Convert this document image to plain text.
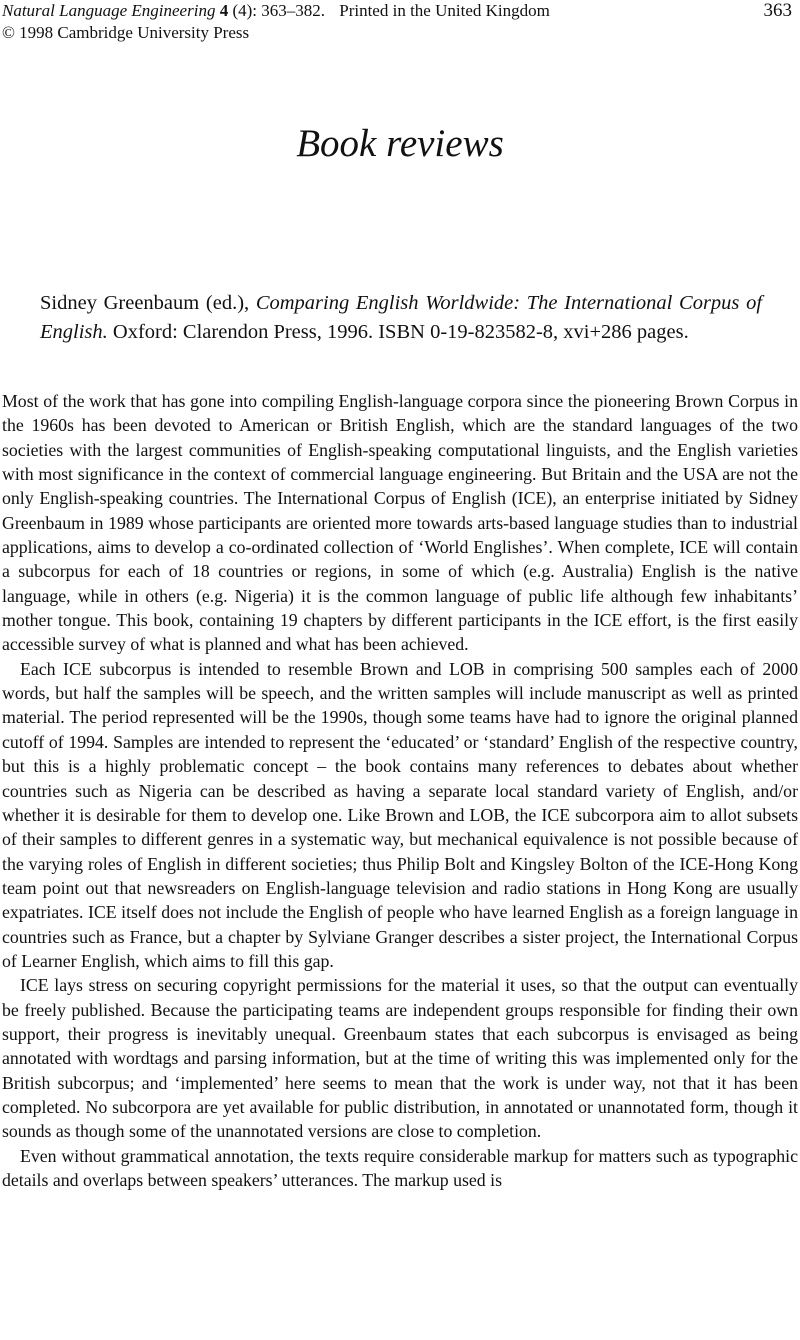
Natural Language Engineering 4 (4): 363–382. Printed in the United Kingdom
© 1998 Cambridge University Press
363
Book reviews
Sidney Greenbaum (ed.), Comparing English Worldwide: The International Corpus of English. Oxford: Clarendon Press, 1996. ISBN 0-19-823582-8, xvi+286 pages.

Most of the work that has gone into compiling English-language corpora since the pioneering Brown Corpus in the 1960s has been devoted to American or British English, which are the standard languages of the two societies with the largest communities of English-speaking computational linguists, and the English varieties with most significance in the context of commercial language engineering. But Britain and the USA are not the only English-speaking countries. The International Corpus of English (ICE), an enterprise initiated by Sidney Greenbaum in 1989 whose participants are oriented more towards arts-based language studies than to industrial applications, aims to develop a co-ordinated collection of ‘World Englishes’. When complete, ICE will contain a subcorpus for each of 18 countries or regions, in some of which (e.g. Australia) English is the native language, while in others (e.g. Nigeria) it is the common language of public life although few inhabitants’ mother tongue. This book, containing 19 chapters by different participants in the ICE effort, is the first easily accessible survey of what is planned and what has been achieved.

Each ICE subcorpus is intended to resemble Brown and LOB in comprising 500 samples each of 2000 words, but half the samples will be speech, and the written samples will include manuscript as well as printed material. The period represented will be the 1990s, though some teams have had to ignore the original planned cutoff of 1994. Samples are intended to represent the ‘educated’ or ‘standard’ English of the respective country, but this is a highly problematic concept – the book contains many references to debates about whether countries such as Nigeria can be described as having a separate local standard variety of English, and/or whether it is desirable for them to develop one. Like Brown and LOB, the ICE subcorpora aim to allot subsets of their samples to different genres in a systematic way, but mechanical equivalence is not possible because of the varying roles of English in different societies; thus Philip Bolt and Kingsley Bolton of the ICE-Hong Kong team point out that newsreaders on English-language television and radio stations in Hong Kong are usually expatriates. ICE itself does not include the English of people who have learned English as a foreign language in countries such as France, but a chapter by Sylviane Granger describes a sister project, the International Corpus of Learner English, which aims to fill this gap.

ICE lays stress on securing copyright permissions for the material it uses, so that the output can eventually be freely published. Because the participating teams are independent groups responsible for finding their own support, their progress is inevitably unequal. Greenbaum states that each subcorpus is envisaged as being annotated with wordtags and parsing information, but at the time of writing this was implemented only for the British subcorpus; and ‘implemented’ here seems to mean that the work is under way, not that it has been completed. No subcorpora are yet available for public distribution, in annotated or unannotated form, though it sounds as though some of the unannotated versions are close to completion.

Even without grammatical annotation, the texts require considerable markup for matters such as typographic details and overlaps between speakers’ utterances. The markup used is
